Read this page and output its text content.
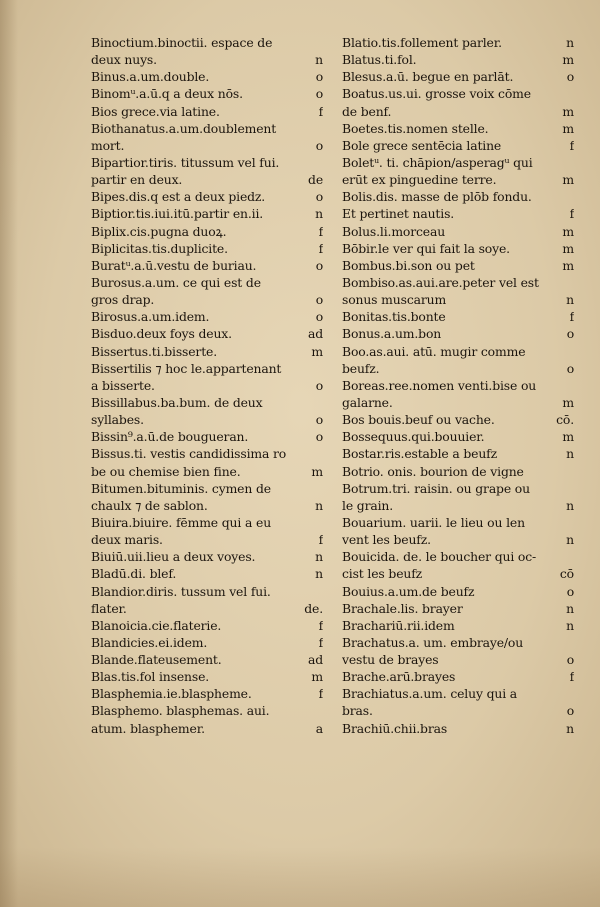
Binoctium.binoctii. espace de
deux nuys.	n
Binus.a.um.double.	o
Binomᵘ.a.ū.q a deux nōs.	o
Bios grece.via latine.	f
Biothanatus.a.um.doublement
mort.	o
Bipartior.tiris. titussum vel fui.
partir en deux.	de
Bipes.dis.q est a deux piedz.	o
Biptior.tis.iui.itū.partir en.ii.	n
Biplix.cis.pugna duoꝝ.	f
Biplicitas.tis.duplicite.	f
Buratᵘ.a.ū.vestu de buriau.	o
Burosus.a.um. ce qui est de
gros drap.	o
Birosus.a.um.idem.	o
Bisduo.deux foys deux.	ad
Bissertus.ti.bisserte.	m
Bissertilis ⁊ hoc le.appartenant
a bisserte.	o
Bissillabus.ba.bum. de deux
syllabes.	o
Bissin⁹.a.ū.de bougueran.	o
Bissus.ti. vestis candidissima ro
be ou chemise bien fine.	m
Bitumen.bituminis. cymen de
chaulx ⁊ de sablon.	n
Biuira.biuire. fēmme qui a eu
deux maris.	f
Biuiū.uii.lieu a deux voyes.	n
Bladū.di. blef.	n
Blandior.diris. tussum vel fui.
flater.	de.
Blanoicia.cie.flaterie.	f
Blandicies.ei.idem.	f
Blande.flateusement.	ad
Blas.tis.fol insense.	m
Blasphemia.ie.blaspheme.	f
Blasphemo. blasphemas. aui.
atum. blasphemer.	a
Blatio.tis.follement parler.	n
Blatus.ti.fol.	m
Blesus.a.ū. begue en parlāt.	o
Boatus.us.ui. grosse voix cōme
de benf.	m
Boetes.tis.nomen stelle.	m
Bole grece sentēcia latine	f
Boletᵘ. ti. chāpion/asperagᵘ qui
erūt ex pinguedine terre.	m
Bolis.dis. masse de plōb fondu.
Et pertinet nautis.	f
Bolus.li.morceau	m
Bōbir.le ver qui fait la soye.	m
Bombus.bi.son ou pet	m
Bombiso.as.aui.are.peter vel est
sonus muscarum	n
Bonitas.tis.bonte	f
Bonus.a.um.bon	o
Boo.as.aui. atū. mugir comme
beufz.	o
Boreas.ree.nomen venti.bise ou
galarne.	m
Bos bouis.beuf ou vache.	cō.
Bossequus.qui.bouuier.	m
Bostar.ris.estable a beufz	n
Botrio. onis. bourion de vigne
Botrum.tri. raisin. ou grape ou
le grain.	n
Bouarium. uarii. le lieu ou len
vent les beufz.	n
Bouicida. de. le boucher qui oc-
cist les beufz	cō
Bouius.a.um.de beufz	o
Brachale.lis. brayer	n
Brachariū.rii.idem	n
Brachatus.a. um. embraye/ou
vestu de brayes	o
Brache.arū.brayes	f
Brachiatus.a.um. celuy qui a
bras.	o
Brachiū.chii.bras	n
